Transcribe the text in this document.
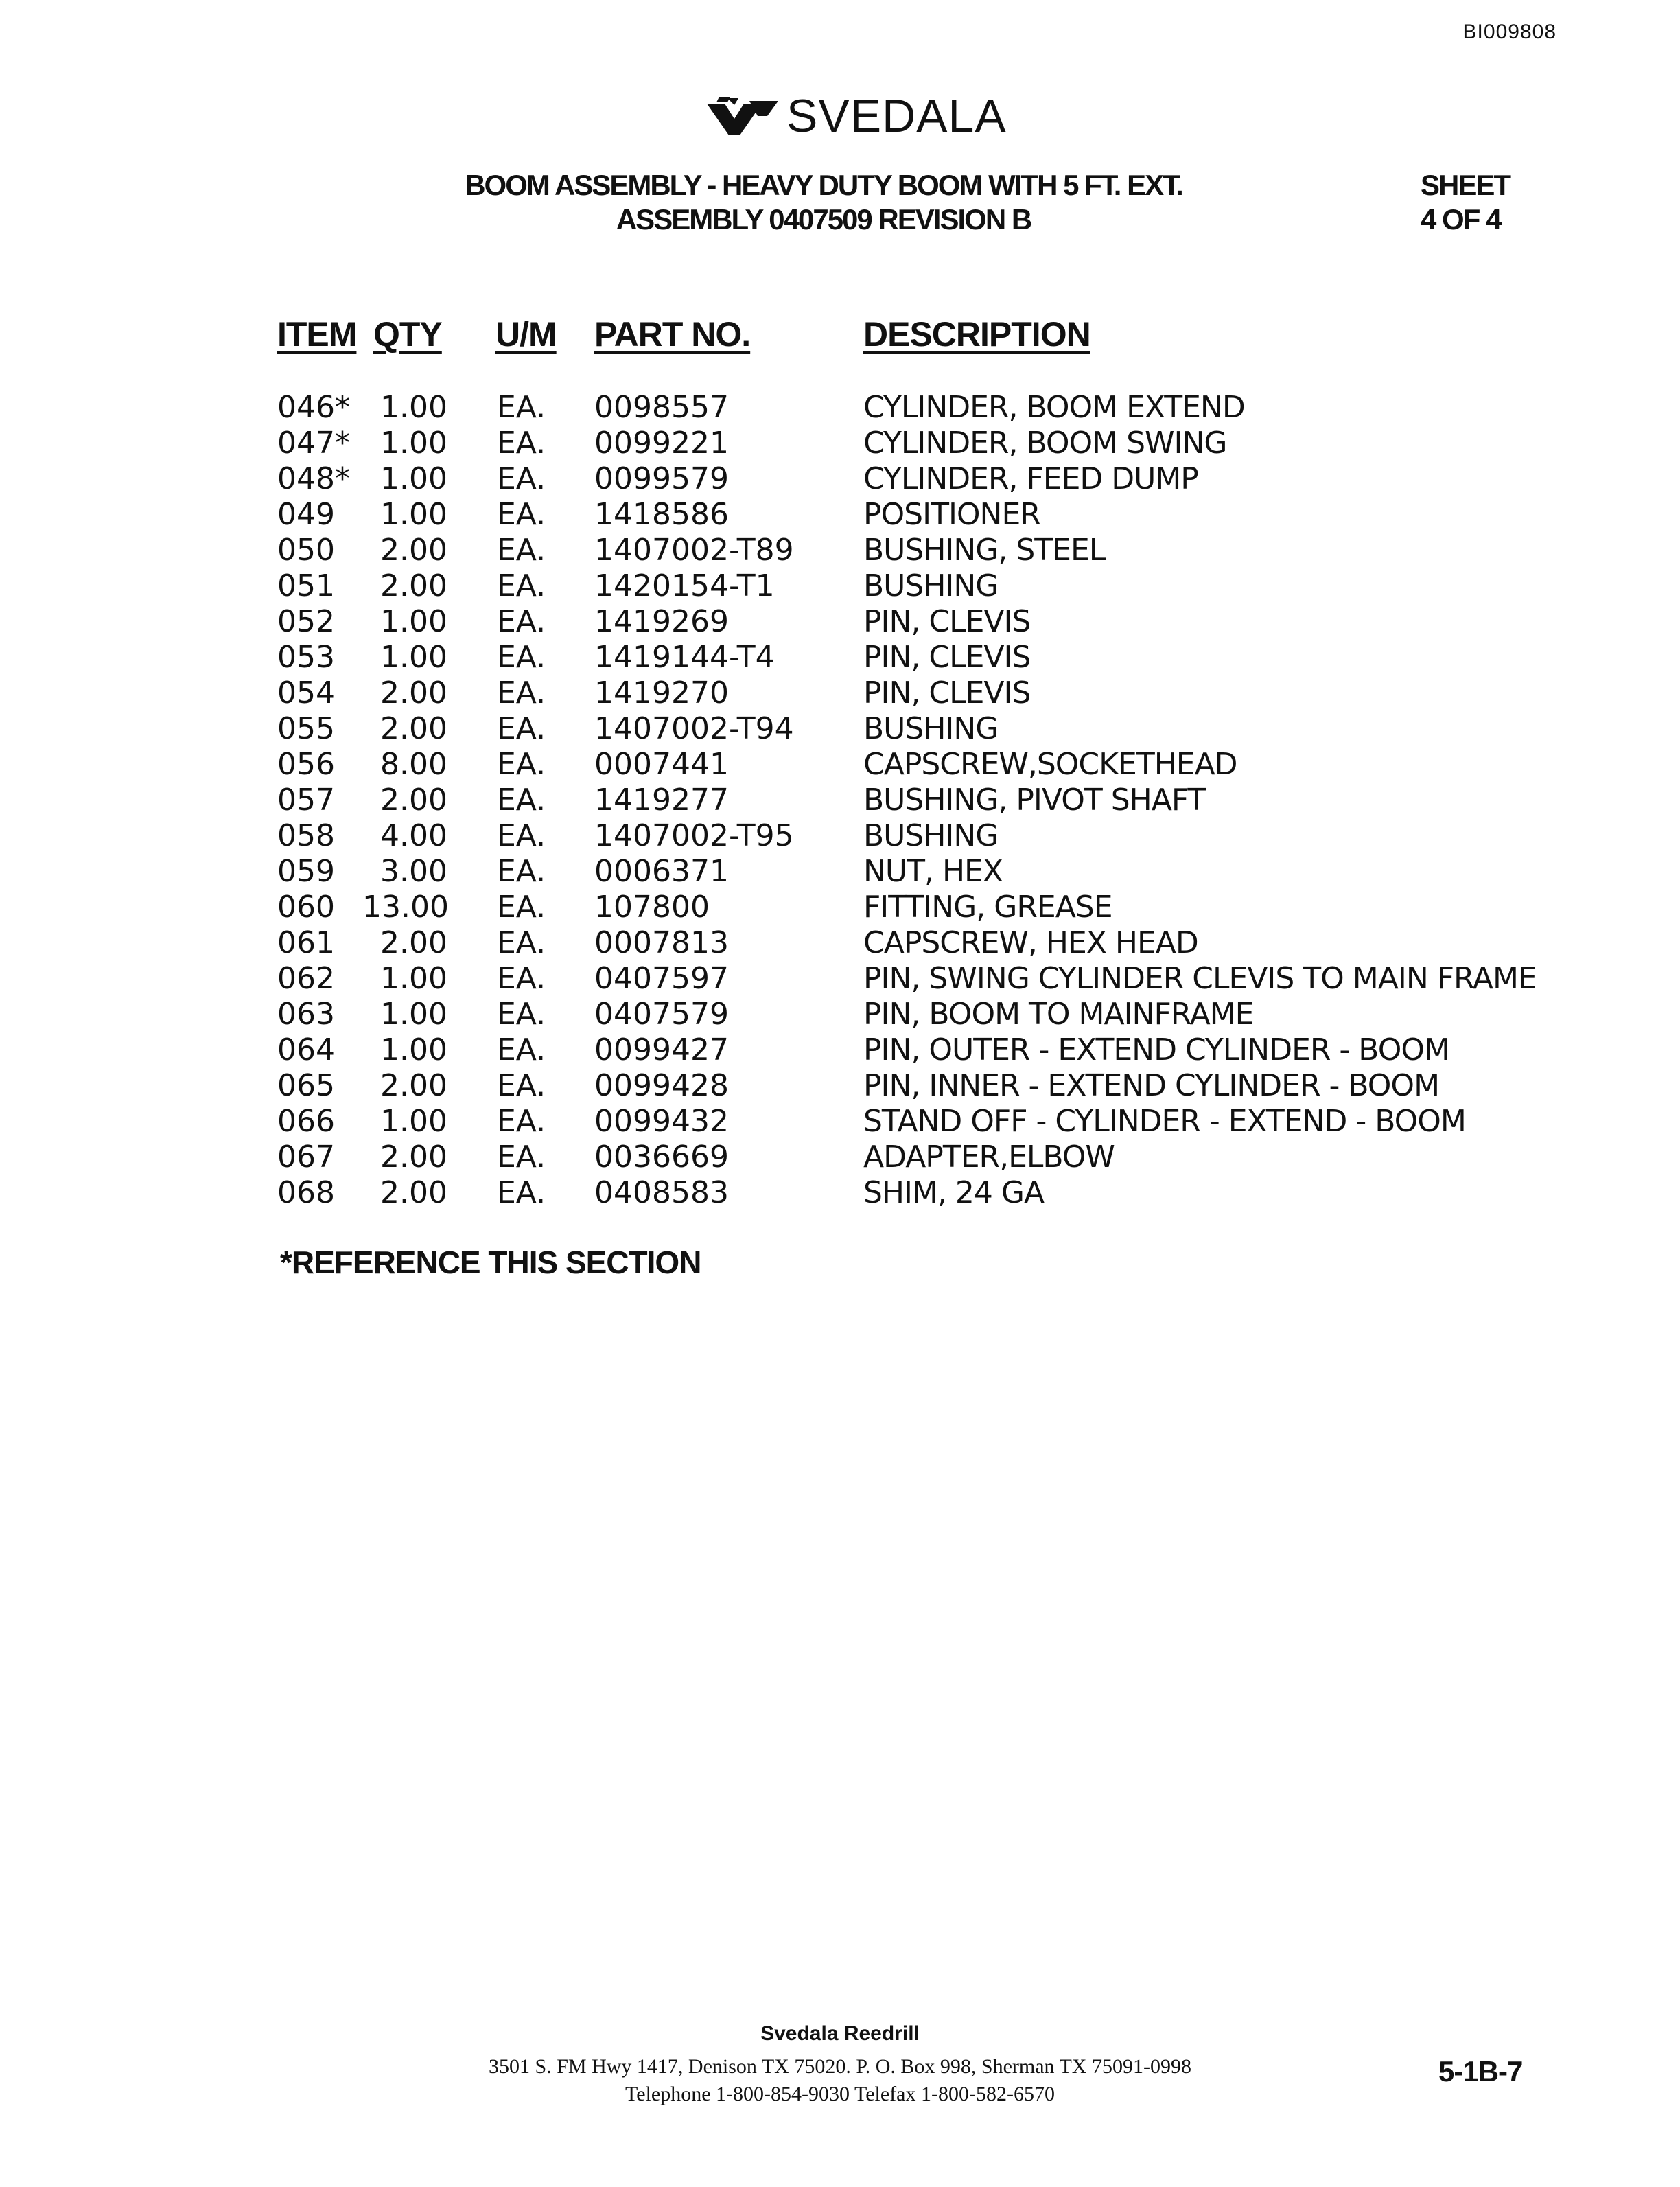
BI009808
SVEDALA
BOOM ASSEMBLY - HEAVY DUTY BOOM WITH 5 FT. EXT.
ASSEMBLY 0407509 REVISION B
SHEET
4 OF 4
ITEM QTY U/M PART NO.	DESCRIPTION
046*	1.00 EA. 0098557	CYLINDER, BOOM EXTEND
047*	1.00 EA. 0099221	CYLINDER, BOOM SWING
048*	1.00 EA. 0099579	CYLINDER, FEED DUMP
049	1.00 EA. 1418586	POSITIONER
050	2.00 EA. 1407002-T89 BUSHING, STEEL
051	2.00 EA. 1420154-T1	BUSHING
052	1.00 EA. 1419269	PIN, CLEVIS
053	1.00 EA. 1419144-T4	PIN, CLEVIS
054	2.00 EA. 1419270	PIN, CLEVIS
055	2.00 EA. 1407002-T94 BUSHING
056	8.00 EA. 0007441	CAPSCREW,SOCKETHEAD
057	2.00 EA. 1419277	BUSHING, PIVOT SHAFT
058	4.00 EA. 1407002-T95 BUSHING
059	3.00 EA. 0006371	NUT, HEX
060 13.00 EA. 107800	FITTING, GREASE
061	2.00 EA. 0007813	CAPSCREW, HEX HEAD
062	1.00 EA. 0407597	PIN, SWING CYLINDER CLEVIS TO MAIN FRAME
063	1.00 EA. 0407579	PIN, BOOM TO MAINFRAME
064	1.00 EA. 0099427	PIN, OUTER - EXTEND CYLINDER - BOOM
065	2.00 EA. 0099428	PIN, INNER - EXTEND CYLINDER - BOOM
066	1.00 EA. 0099432	STAND OFF - CYLINDER - EXTEND - BOOM
067	2.00 EA. 0036669	ADAPTER,ELBOW
068	2.00 EA. 0408583	SHIM, 24 GA
*REFERENCE THIS SECTION
Svedala Reedrill
3501 S. FM Hwy 1417, Denison TX 75020. P. O. Box 998, Sherman TX 75091-0998
Telephone 1-800-854-9030 Telefax 1-800-582-6570
5-1B-7
